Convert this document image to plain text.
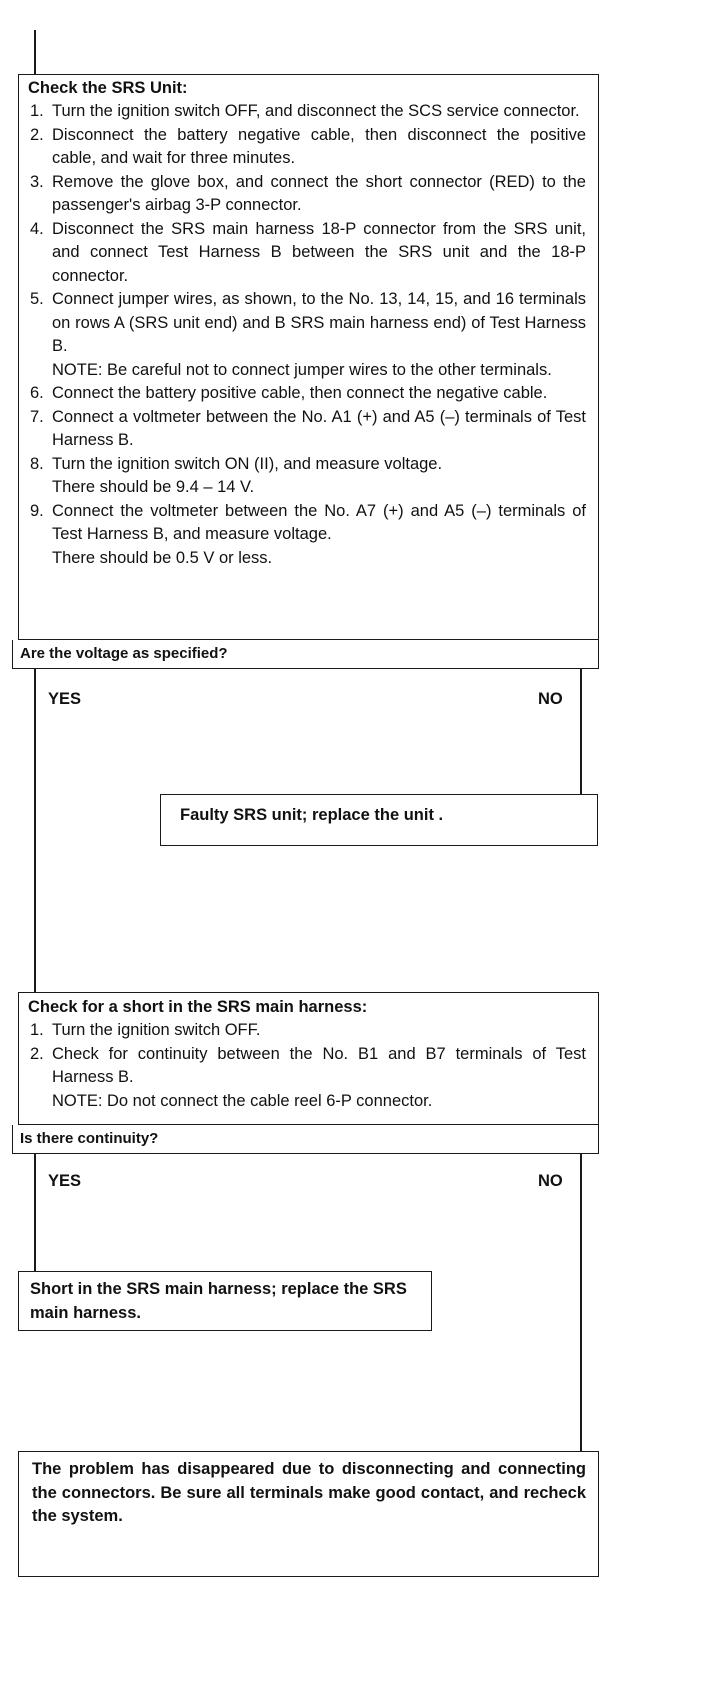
Check the SRS Unit:
1. Turn the ignition switch OFF, and disconnect the SCS service connector.
2. Disconnect the battery negative cable, then disconnect the positive cable, and wait for three minutes.
3. Remove the glove box, and connect the short connector (RED) to the passenger's airbag 3-P connector.
4. Disconnect the SRS main harness 18-P connector from the SRS unit, and connect Test Harness B between the SRS unit and the 18-P connector.
5. Connect jumper wires, as shown, to the No. 13, 14, 15, and 16 terminals on rows A (SRS unit end) and B SRS main harness end) of Test Harness B.
NOTE: Be careful not to connect jumper wires to the other terminals.
6. Connect the battery positive cable, then connect the negative cable.
7. Connect a voltmeter between the No. A1 (+) and A5 (–) terminals of Test Harness B.
8. Turn the ignition switch ON (II), and measure voltage.
There should be 9.4 – 14 V.
9. Connect the voltmeter between the No. A7 (+) and A5 (–) terminals of Test Harness B, and measure voltage.
There should be 0.5 V or less.
Are the voltage as specified?
YES	NO
Faulty SRS unit; replace the unit .
Check for a short in the SRS main harness:
1. Turn the ignition switch OFF.
2. Check for continuity between the No. B1 and B7 terminals of Test Harness B.
NOTE: Do not connect the cable reel 6-P connector.
Is there continuity?
YES	NO
Short in the SRS main harness; replace the SRS main harness.
The problem has disappeared due to disconnecting and connecting the connectors. Be sure all terminals make good contact, and recheck the system.
